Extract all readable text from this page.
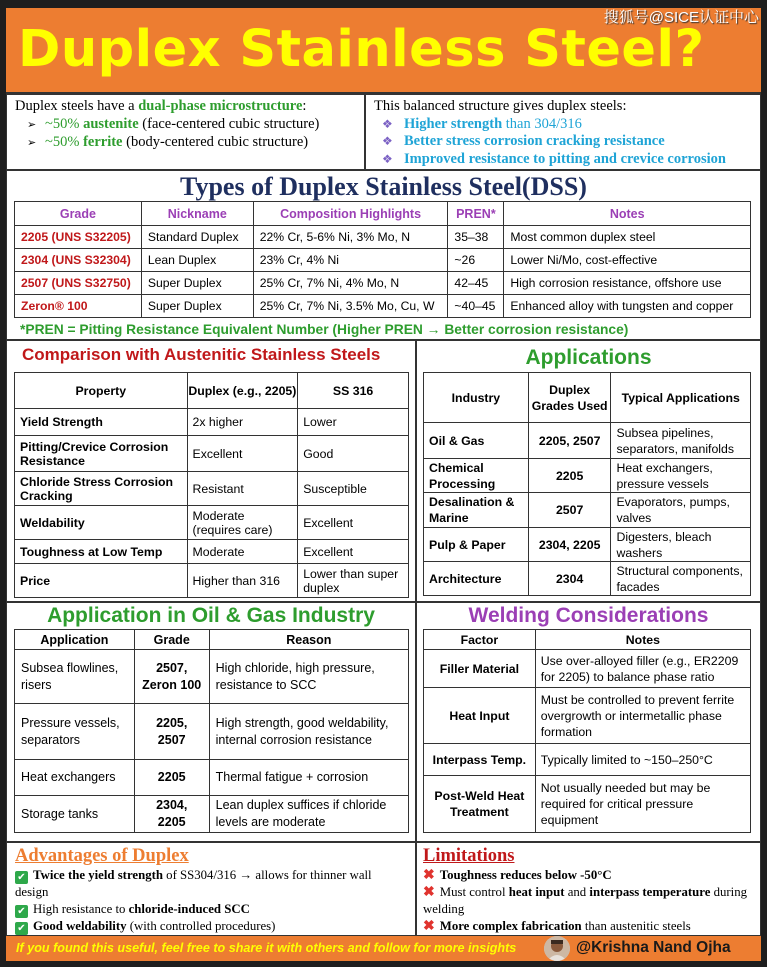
Duplex Stainless Steel?
搜狐号@SICE认证中心
Duplex steels have a dual-phase microstructure:
➢ ~50% austenite (face-centered cubic structure)
➢ ~50% ferrite (body-centered cubic structure)
This balanced structure gives duplex steels:
❖ Higher strength than 304/316
❖ Better stress corrosion cracking resistance
❖ Improved resistance to pitting and crevice corrosion
Types of Duplex Stainless Steel(DSS)
Grade	Nickname	Composition Highlights	PREN*	Notes
2205 (UNS S32205)	Standard Duplex	22% Cr, 5-6% Ni, 3% Mo, N	35–38	Most common duplex steel
2304 (UNS S32304)	Lean Duplex	23% Cr, 4% Ni	~26	Lower Ni/Mo, cost-effective
2507 (UNS S32750)	Super Duplex	25% Cr, 7% Ni, 4% Mo, N	42–45	High corrosion resistance, offshore use
Zeron® 100	Super Duplex	25% Cr, 7% Ni, 3.5% Mo, Cu, W	~40–45	Enhanced alloy with tungsten and copper
*PREN = Pitting Resistance Equivalent Number (Higher PREN → Better corrosion resistance)
Comparison with Austenitic Stainless Steels	Applications
Property	Duplex (e.g., 2205)	SS 316
Yield Strength	2x higher	Lower
Pitting/Crevice Corrosion Resistance	Excellent	Good
Chloride Stress Corrosion Cracking	Resistant	Susceptible
Weldability	Moderate (requires care)	Excellent
Toughness at Low Temp	Moderate	Excellent
Price	Higher than 316	Lower than super duplex
Industry	Duplex Grades Used	Typical Applications
Oil & Gas	2205, 2507	Subsea pipelines, separators, manifolds
Chemical Processing	2205	Heat exchangers, pressure vessels
Desalination & Marine	2507	Evaporators, pumps, valves
Pulp & Paper	2304, 2205	Digesters, bleach washers
Architecture	2304	Structural components, facades
Application in Oil & Gas Industry	Welding Considerations
Application	Grade	Reason
Subsea flowlines, risers	2507, Zeron 100	High chloride, high pressure, resistance to SCC
Pressure vessels, separators	2205, 2507	High strength, good weldability, internal corrosion resistance
Heat exchangers	2205	Thermal fatigue + corrosion
Storage tanks	2304, 2205	Lean duplex suffices if chloride levels are moderate
Factor	Notes
Filler Material	Use over-alloyed filler (e.g., ER2209 for 2205) to balance phase ratio
Heat Input	Must be controlled to prevent ferrite overgrowth or intermetallic phase formation
Interpass Temp.	Typically limited to ~150–250°C
Post-Weld Heat Treatment	Not usually needed but may be required for critical pressure equipment
Advantages of Duplex
✔ Twice the yield strength of SS304/316 → allows for thinner wall design
✔ High resistance to chloride-induced SCC
✔ Good weldability (with controlled procedures)
Limitations
✖ Toughness reduces below -50°C
✖ Must control heat input and interpass temperature during welding
✖ More complex fabrication than austenitic steels
If you found this useful, feel free to share it with others and follow for more insights	@Krishna Nand Ojha
